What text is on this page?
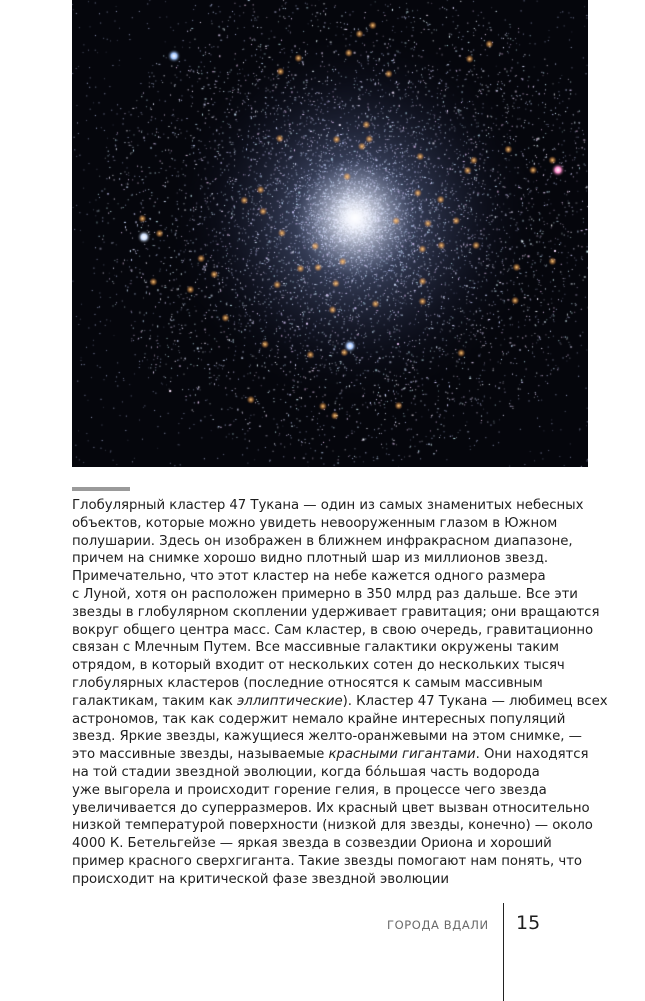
Глобулярный кластер 47 Тукана — один из самых знаменитых небесных
объектов, которые можно увидеть невооруженным глазом в Южном
полушарии. Здесь он изображен в ближнем инфракрасном диапазоне,
причем на снимке хорошо видно плотный шар из миллионов звезд.
Примечательно, что этот кластер на небе кажется одного размера
с Луной, хотя он расположен примерно в 350 млрд раз дальше. Все эти
звезды в глобулярном скоплении удерживает гравитация; они вращаются
вокруг общего центра масс. Сам кластер, в свою очередь, гравитационно
связан с Млечным Путем. Все массивные галактики окружены таким
отрядом, в который входит от нескольких сотен до нескольких тысяч
глобулярных кластеров (последние относятся к самым массивным
галактикам, таким как эллиптические). Кластер 47 Тукана — любимец всех
астрономов, так как содержит немало крайне интересных популяций
звезд. Яркие звезды, кажущиеся желто-оранжевыми на этом снимке, —
это массивные звезды, называемые красными гигантами. Они находятся
на той стадии звездной эволюции, когда бóльшая часть водорода
уже выгорела и происходит горение гелия, в процессе чего звезда
увеличивается до суперразмеров. Их красный цвет вызван относительно
низкой температурой поверхности (низкой для звезды, конечно) — около
4000 К. Бетельгейзе — яркая звезда в созвездии Ориона и хороший
пример красного сверхгиганта. Такие звезды помогают нам понять, что
происходит на критической фазе звездной эволюции
ГОРОДА ВДАЛИ 15
